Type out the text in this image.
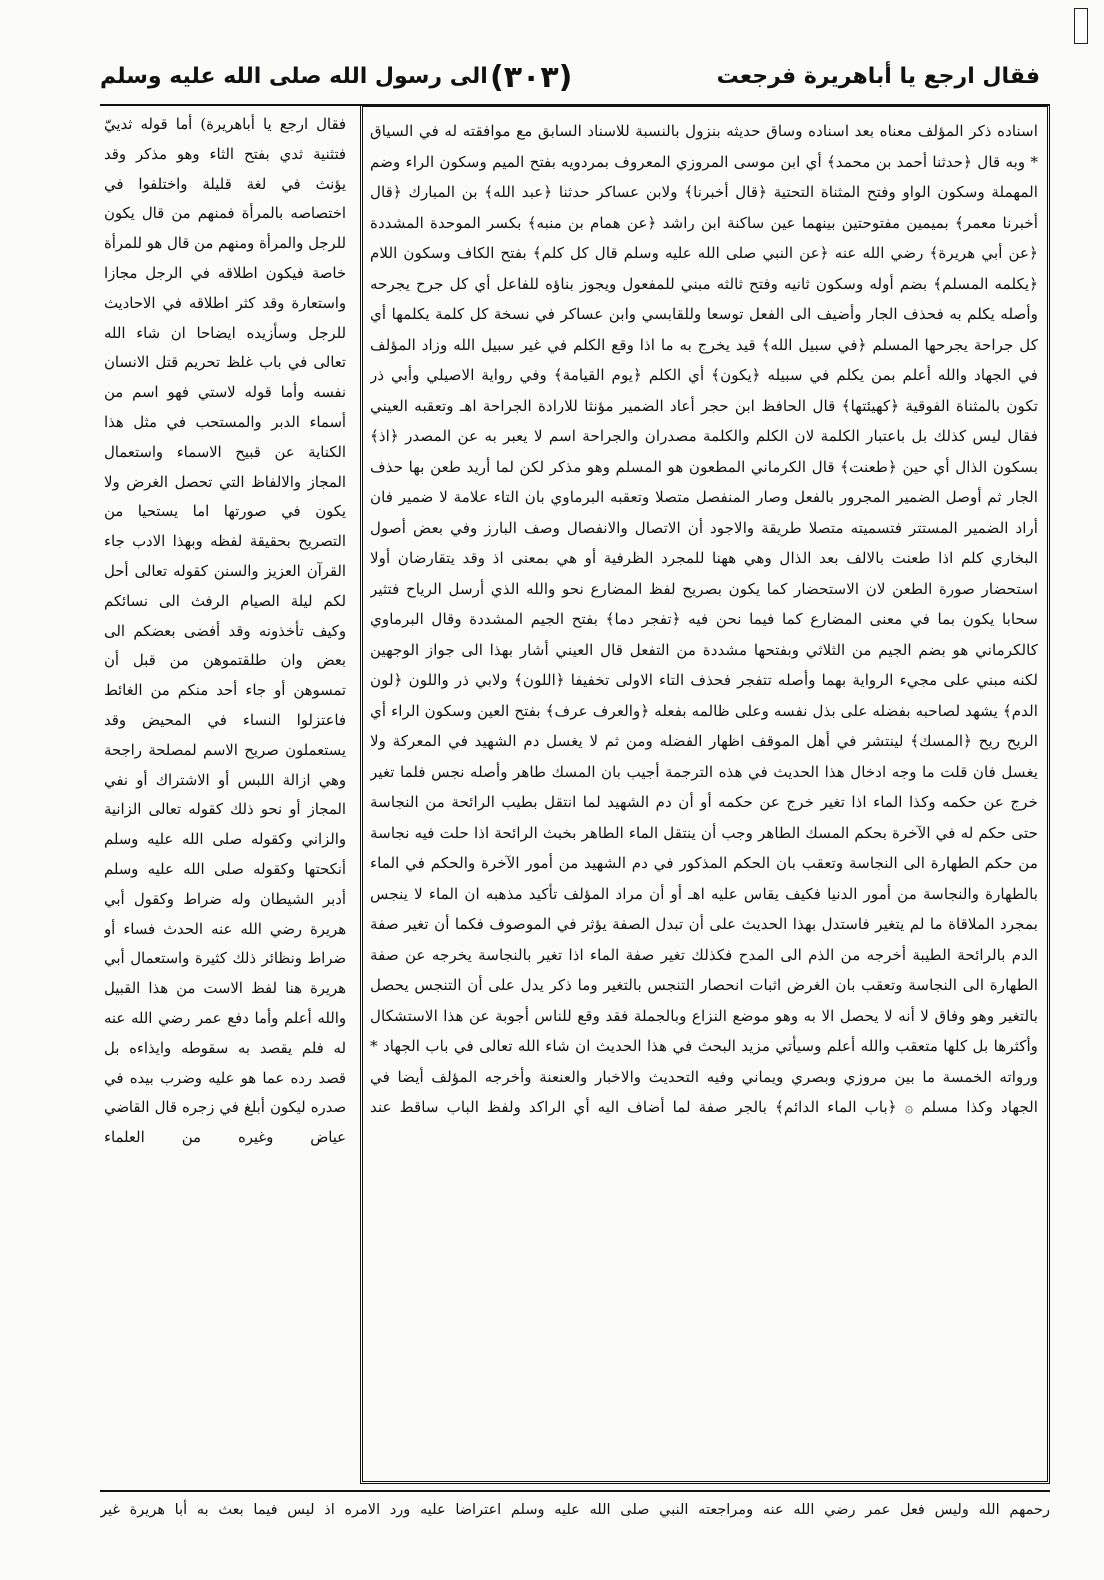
فقال ارجع يا أباهريرة فرجعت
(٣٠٣)
الى رسول الله صلى الله عليه وسلم

اسناده ذكر المؤلف معناه بعد اسناده وساق حديثه بنزول بالنسبة للاسناد السابق مع موافقته له في السياق * وبه قال ﴿حدثنا أحمد بن محمد﴾ أي ابن موسى المروزي المعروف بمردويه بفتح الميم وسكون الراء وضم المهملة وسكون الواو وفتح المثناة التحتية ﴿قال أخبرنا﴾ ولابن عساكر حدثنا ﴿عبد الله﴾ بن المبارك ﴿قال أخبرنا معمر﴾ بميمين مفتوحتين بينهما عين ساكنة ابن راشد ﴿عن همام بن منبه﴾ بكسر الموحدة المشددة ﴿عن أبي هريرة﴾ رضي الله عنه ﴿عن النبي صلى الله عليه وسلم قال كل كلم﴾ بفتح الكاف وسكون اللام ﴿يكلمه المسلم﴾ بضم أوله وسكون ثانيه وفتح ثالثه مبني للمفعول ويجوز بناؤه للفاعل أي كل جرح يجرحه وأصله يكلم به فحذف الجار وأضيف الى الفعل توسعا وللقابسي وابن عساكر في نسخة كل كلمة يكلمها أي كل جراحة يجرحها المسلم ﴿في سبيل الله﴾ قيد يخرج به ما اذا وقع الكلم في غير سبيل الله وزاد المؤلف في الجهاد والله أعلم بمن يكلم في سبيله ﴿يكون﴾ أي الكلم ﴿يوم القيامة﴾ وفي رواية الاصيلي وأبي ذر تكون بالمثناة الفوقية ﴿كهيئتها﴾ قال الحافظ ابن حجر أعاد الضمير مؤنثا للارادة الجراحة اهـ وتعقبه العيني فقال ليس كذلك بل باعتبار الكلمة لان الكلم والكلمة مصدران والجراحة اسم لا يعبر به عن المصدر ﴿اذ﴾ بسكون الذال أي حين ﴿طعنت﴾ قال الكرماني المطعون هو المسلم وهو مذكر لكن لما أريد طعن بها حذف الجار ثم أوصل الضمير المجرور بالفعل وصار المنفصل متصلا وتعقبه البرماوي بان التاء علامة لا ضمير فان أراد الضمير المستتر فتسميته متصلا طريقة والاجود أن الاتصال والانفصال وصف البارز وفي بعض أصول البخاري كلم اذا طعنت بالالف بعد الذال وهي ههنا للمجرد الظرفية أو هي بمعنى اذ وقد يتقارضان أولا استحضار صورة الطعن لان الاستحضار كما يكون بصريح لفظ المضارع نحو والله الذي أرسل الرياح فتثير سحابا يكون بما في معنى المضارع كما فيما نحن فيه ﴿تفجر دما﴾ بفتح الجيم المشددة وقال البرماوي كالكرماني هو بضم الجيم من الثلاثي وبفتحها مشددة من التفعل قال العيني أشار بهذا الى جواز الوجهين لكنه مبني على مجيء الرواية بهما وأصله تتفجر فحذف التاء الاولى تخفيفا ﴿اللون﴾ ولابي ذر واللون ﴿لون الدم﴾ يشهد لصاحبه بفضله على بذل نفسه وعلى ظالمه بفعله ﴿والعرف عرف﴾ بفتح العين وسكون الراء أي الريح ريح ﴿المسك﴾ لينتشر في أهل الموقف اظهار الفضله ومن ثم لا يغسل دم الشهيد في المعركة ولا يغسل فان قلت ما وجه ادخال هذا الحديث في هذه الترجمة أجيب بان المسك طاهر وأصله نجس فلما تغير خرج عن حكمه وكذا الماء اذا تغير خرج عن حكمه أو أن دم الشهيد لما انتقل بطيب الرائحة من النجاسة حتى حكم له في الآخرة بحكم المسك الطاهر وجب أن ينتقل الماء الطاهر بخبث الرائحة اذا حلت فيه نجاسة من حكم الطهارة الى النجاسة وتعقب بان الحكم المذكور في دم الشهيد من أمور الآخرة والحكم في الماء بالطهارة والنجاسة من أمور الدنيا فكيف يقاس عليه اهـ أو أن مراد المؤلف تأكيد مذهبه ان الماء لا ينجس بمجرد الملاقاة ما لم يتغير فاستدل بهذا الحديث على أن تبدل الصفة يؤثر في الموصوف فكما أن تغير صفة الدم بالرائحة الطيبة أخرجه من الذم الى المدح فكذلك تغير صفة الماء اذا تغير بالنجاسة يخرجه عن صفة الطهارة الى النجاسة وتعقب بان الغرض اثبات انحصار التنجس بالتغير وما ذكر يدل على أن التنجس يحصل بالتغير وهو وفاق لا أنه لا يحصل الا به وهو موضع النزاع وبالجملة فقد وقع للناس أجوبة عن هذا الاستشكال وأكثرها بل كلها متعقب والله أعلم وسيأتي مزيد البحث في هذا الحديث ان شاء الله تعالى في باب الجهاد * ورواته الخمسة ما بين مروزي وبصري ويماني وفيه التحديث والاخبار والعنعنة وأخرجه المؤلف أيضا في الجهاد وكذا مسلم ۞ ﴿باب الماء الدائم﴾ بالجر صفة لما أضاف اليه أي الراكد ولفظ الباب ساقط عند

فقال ارجع يا أباهريرة) أما قوله ثدييّ فتثنية ثدي بفتح الثاء وهو مذكر وقد يؤنث في لغة قليلة واختلفوا في اختصاصه بالمرأة فمنهم من قال يكون للرجل والمرأة ومنهم من قال هو للمرأة خاصة فيكون اطلاقه في الرجل مجازا واستعارة وقد كثر اطلاقه في الاحاديث للرجل وسأزيده ايضاحا ان شاء الله تعالى في باب غلظ تحريم قتل الانسان نفسه وأما قوله لاستي فهو اسم من أسماء الدبر والمستحب في مثل هذا الكناية عن قبيح الاسماء واستعمال المجاز والالفاظ التي تحصل الغرض ولا يكون في صورتها اما يستحيا من التصريح بحقيقة لفظه وبهذا الادب جاء القرآن العزيز والسنن كقوله تعالى أحل لكم ليلة الصيام الرفث الى نسائكم وكيف تأخذونه وقد أفضى بعضكم الى بعض وان طلقتموهن من قبل أن تمسوهن أو جاء أحد منكم من الغائط فاعتزلوا النساء في المحيض وقد يستعملون صريح الاسم لمصلحة راجحة وهي ازالة اللبس أو الاشتراك أو نفي المجاز أو نحو ذلك كقوله تعالى الزانية والزاني وكقوله صلى الله عليه وسلم أنكحتها وكقوله صلى الله عليه وسلم أدبر الشيطان وله ضراط وكقول أبي هريرة رضي الله عنه الحدث فساء أو ضراط ونظائر ذلك كثيرة واستعمال أبي هريرة هنا لفظ الاست من هذا القبيل والله أعلم وأما دفع عمر رضي الله عنه له فلم يقصد به سقوطه وايذاءه بل قصد رده عما هو عليه وضرب بيده في صدره ليكون أبلغ في زجره قال القاضي عياض وغيره من العلماء

رحمهم الله وليس فعل عمر رضي الله عنه ومراجعته النبي صلى الله عليه وسلم اعتراضا عليه ورد الامره اذ ليس فيما بعث به أبا هريرة غير
